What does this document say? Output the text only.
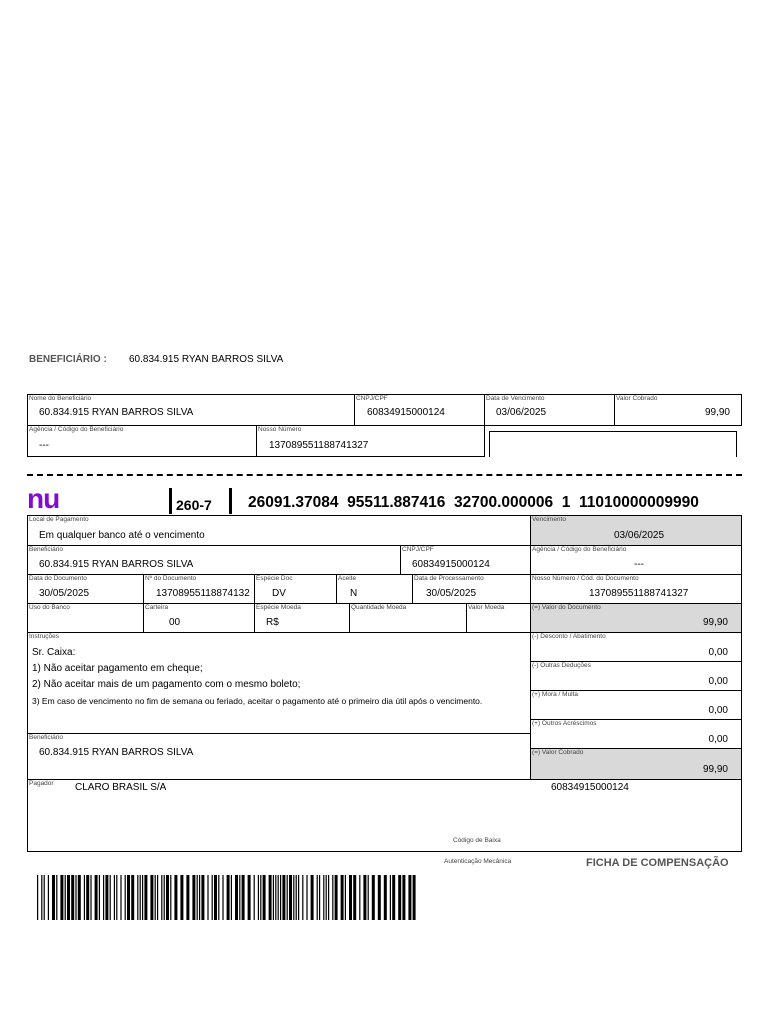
BENEFICIÁRIO : 60.834.915 RYAN BARROS SILVA
Nome do Beneficiário
60.834.915 RYAN BARROS SILVA
CNPJ/CPF
60834915000124
Data de Vencimento
03/06/2025
Valor Cobrado
99,90
Agência / Código do Beneficiário
---
Nosso Número
137089551188741327
nu	260-7 26091.37084  95511.887416  32700.000006  1  11010000009990
Local de Pagamento
Em qualquer banco até o vencimento
Vencimento
03/06/2025
Beneficiário
60.834.915 RYAN BARROS SILVA
CNPJ/CPF
60834915000124
Agência / Código do Beneficiário
---
Data do Documento
30/05/2025
Nº do Documento
13708955118874132
Espécie Doc
DV
Aceite
N
Data de Processamento
30/05/2025
Nosso Número / Cód. do Documento
137089551188741327
Uso do Banco	Carteira
00
Espécie Moeda
R$
Quantidade Moeda	Valor Moeda	(=) Valor do Documento
99,90
Instruções
Sr. Caixa:
1) Não aceitar pagamento em cheque;
2) Não aceitar mais de um pagamento com o mesmo boleto;
3) Em caso de vencimento no fim de semana ou feriado, aceitar o pagamento até o primeiro dia útil após o vencimento.
(-) Desconto / Abatimento
0,00
(-) Outras Deduções
0,00
(+) Mora / Multa
0,00
(+) Outros Acréscimos
0,00
Beneficiário
60.834.915 RYAN BARROS SILVA	(=) Valor Cobrado
99,90
Pagador CLARO BRASIL S/A	60834915000124
Código de Baixa
Autenticação Mecânica	FICHA DE COMPENSAÇÃO
